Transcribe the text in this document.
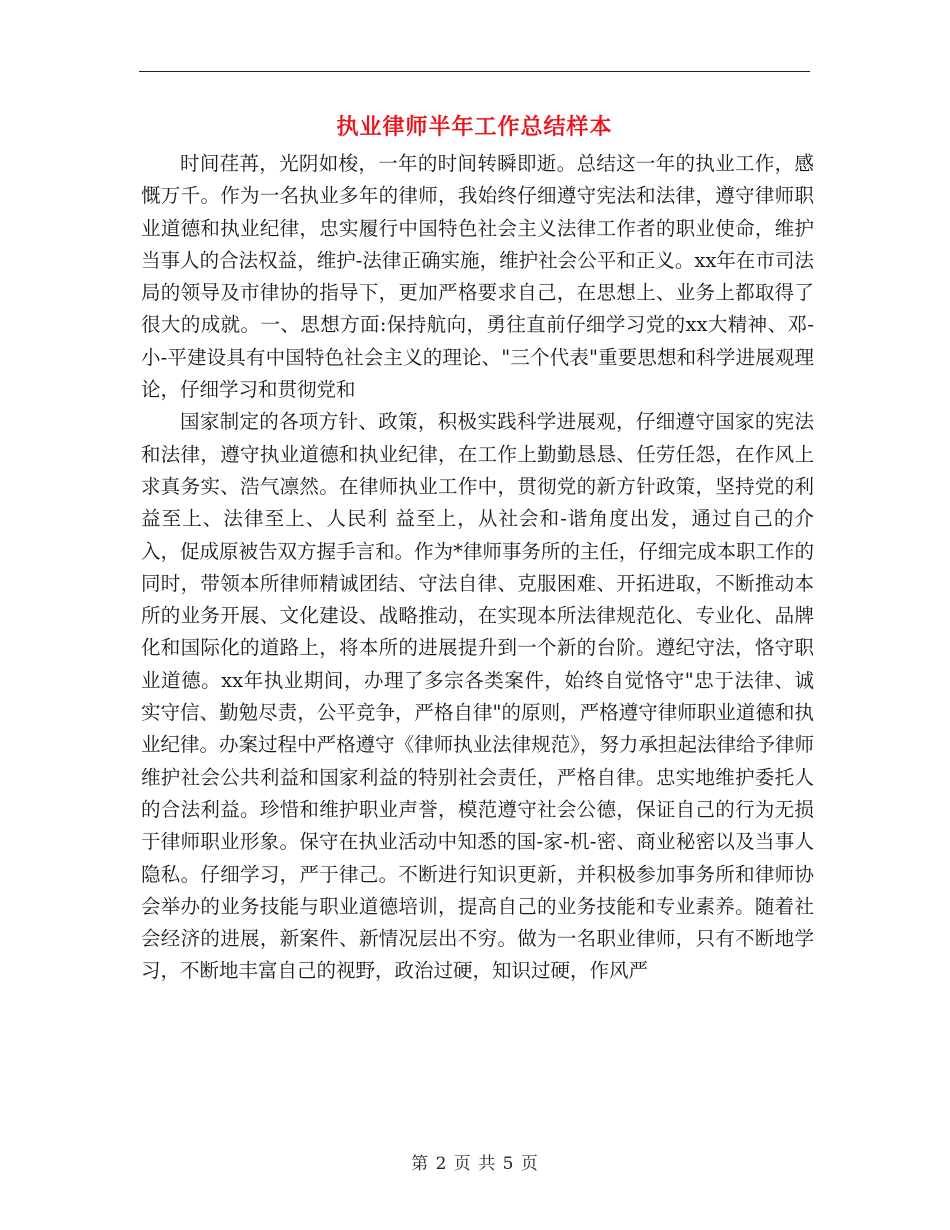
执业律师半年工作总结样本

时间荏苒，光阴如梭，一年的时间转瞬即逝。总结这一年的执业工作，感慨万千。作为一名执业多年的律师，我始终仔细遵守宪法和法律，遵守律师职业道德和执业纪律，忠实履行中国特色社会主义法律工作者的职业使命，维护当事人的合法权益，维护-法律正确实施，维护社会公平和正义。xx年在市司法局的领导及市律协的指导下，更加严格要求自己，在思想上、业务上都取得了很大的成就。一、思想方面:保持航向，勇往直前仔细学习党的xx大精神、邓-小-平建设具有中国特色社会主义的理论、"三个代表"重要思想和科学进展观理论，仔细学习和贯彻党和

国家制定的各项方针、政策，积极实践科学进展观，仔细遵守国家的宪法和法律，遵守执业道德和执业纪律，在工作上勤勤恳恳、任劳任怨，在作风上求真务实、浩气凛然。在律师执业工作中，贯彻党的新方针政策，坚持党的利益至上、法律至上、人民利 益至上，从社会和-谐角度出发，通过自己的介入，促成原被告双方握手言和。作为*律师事务所的主任，仔细完成本职工作的同时，带领本所律师精诚团结、守法自律、克服困难、开拓进取，不断推动本所的业务开展、文化建设、战略推动，在实现本所法律规范化、专业化、品牌化和国际化的道路上，将本所的进展提升到一个新的台阶。遵纪守法，恪守职业道德。xx年执业期间，办理了多宗各类案件，始终自觉恪守"忠于法律、诚实守信、勤勉尽责，公平竞争，严格自律"的原则，严格遵守律师职业道德和执业纪律。办案过程中严格遵守《律师执业法律规范》，努力承担起法律给予律师维护社会公共利益和国家利益的特别社会责任，严格自律。忠实地维护委托人的合法利益。珍惜和维护职业声誉，模范遵守社会公德，保证自己的行为无损于律师职业形象。保守在执业活动中知悉的国-家-机-密、商业秘密以及当事人隐私。仔细学习，严于律己。不断进行知识更新，并积极参加事务所和律师协会举办的业务技能与职业道德培训，提高自己的业务技能和专业素养。随着社会经济的进展，新案件、新情况层出不穷。做为一名职业律师，只有不断地学习，不断地丰富自己的视野，政治过硬，知识过硬，作风严

第 2 页 共 5 页
